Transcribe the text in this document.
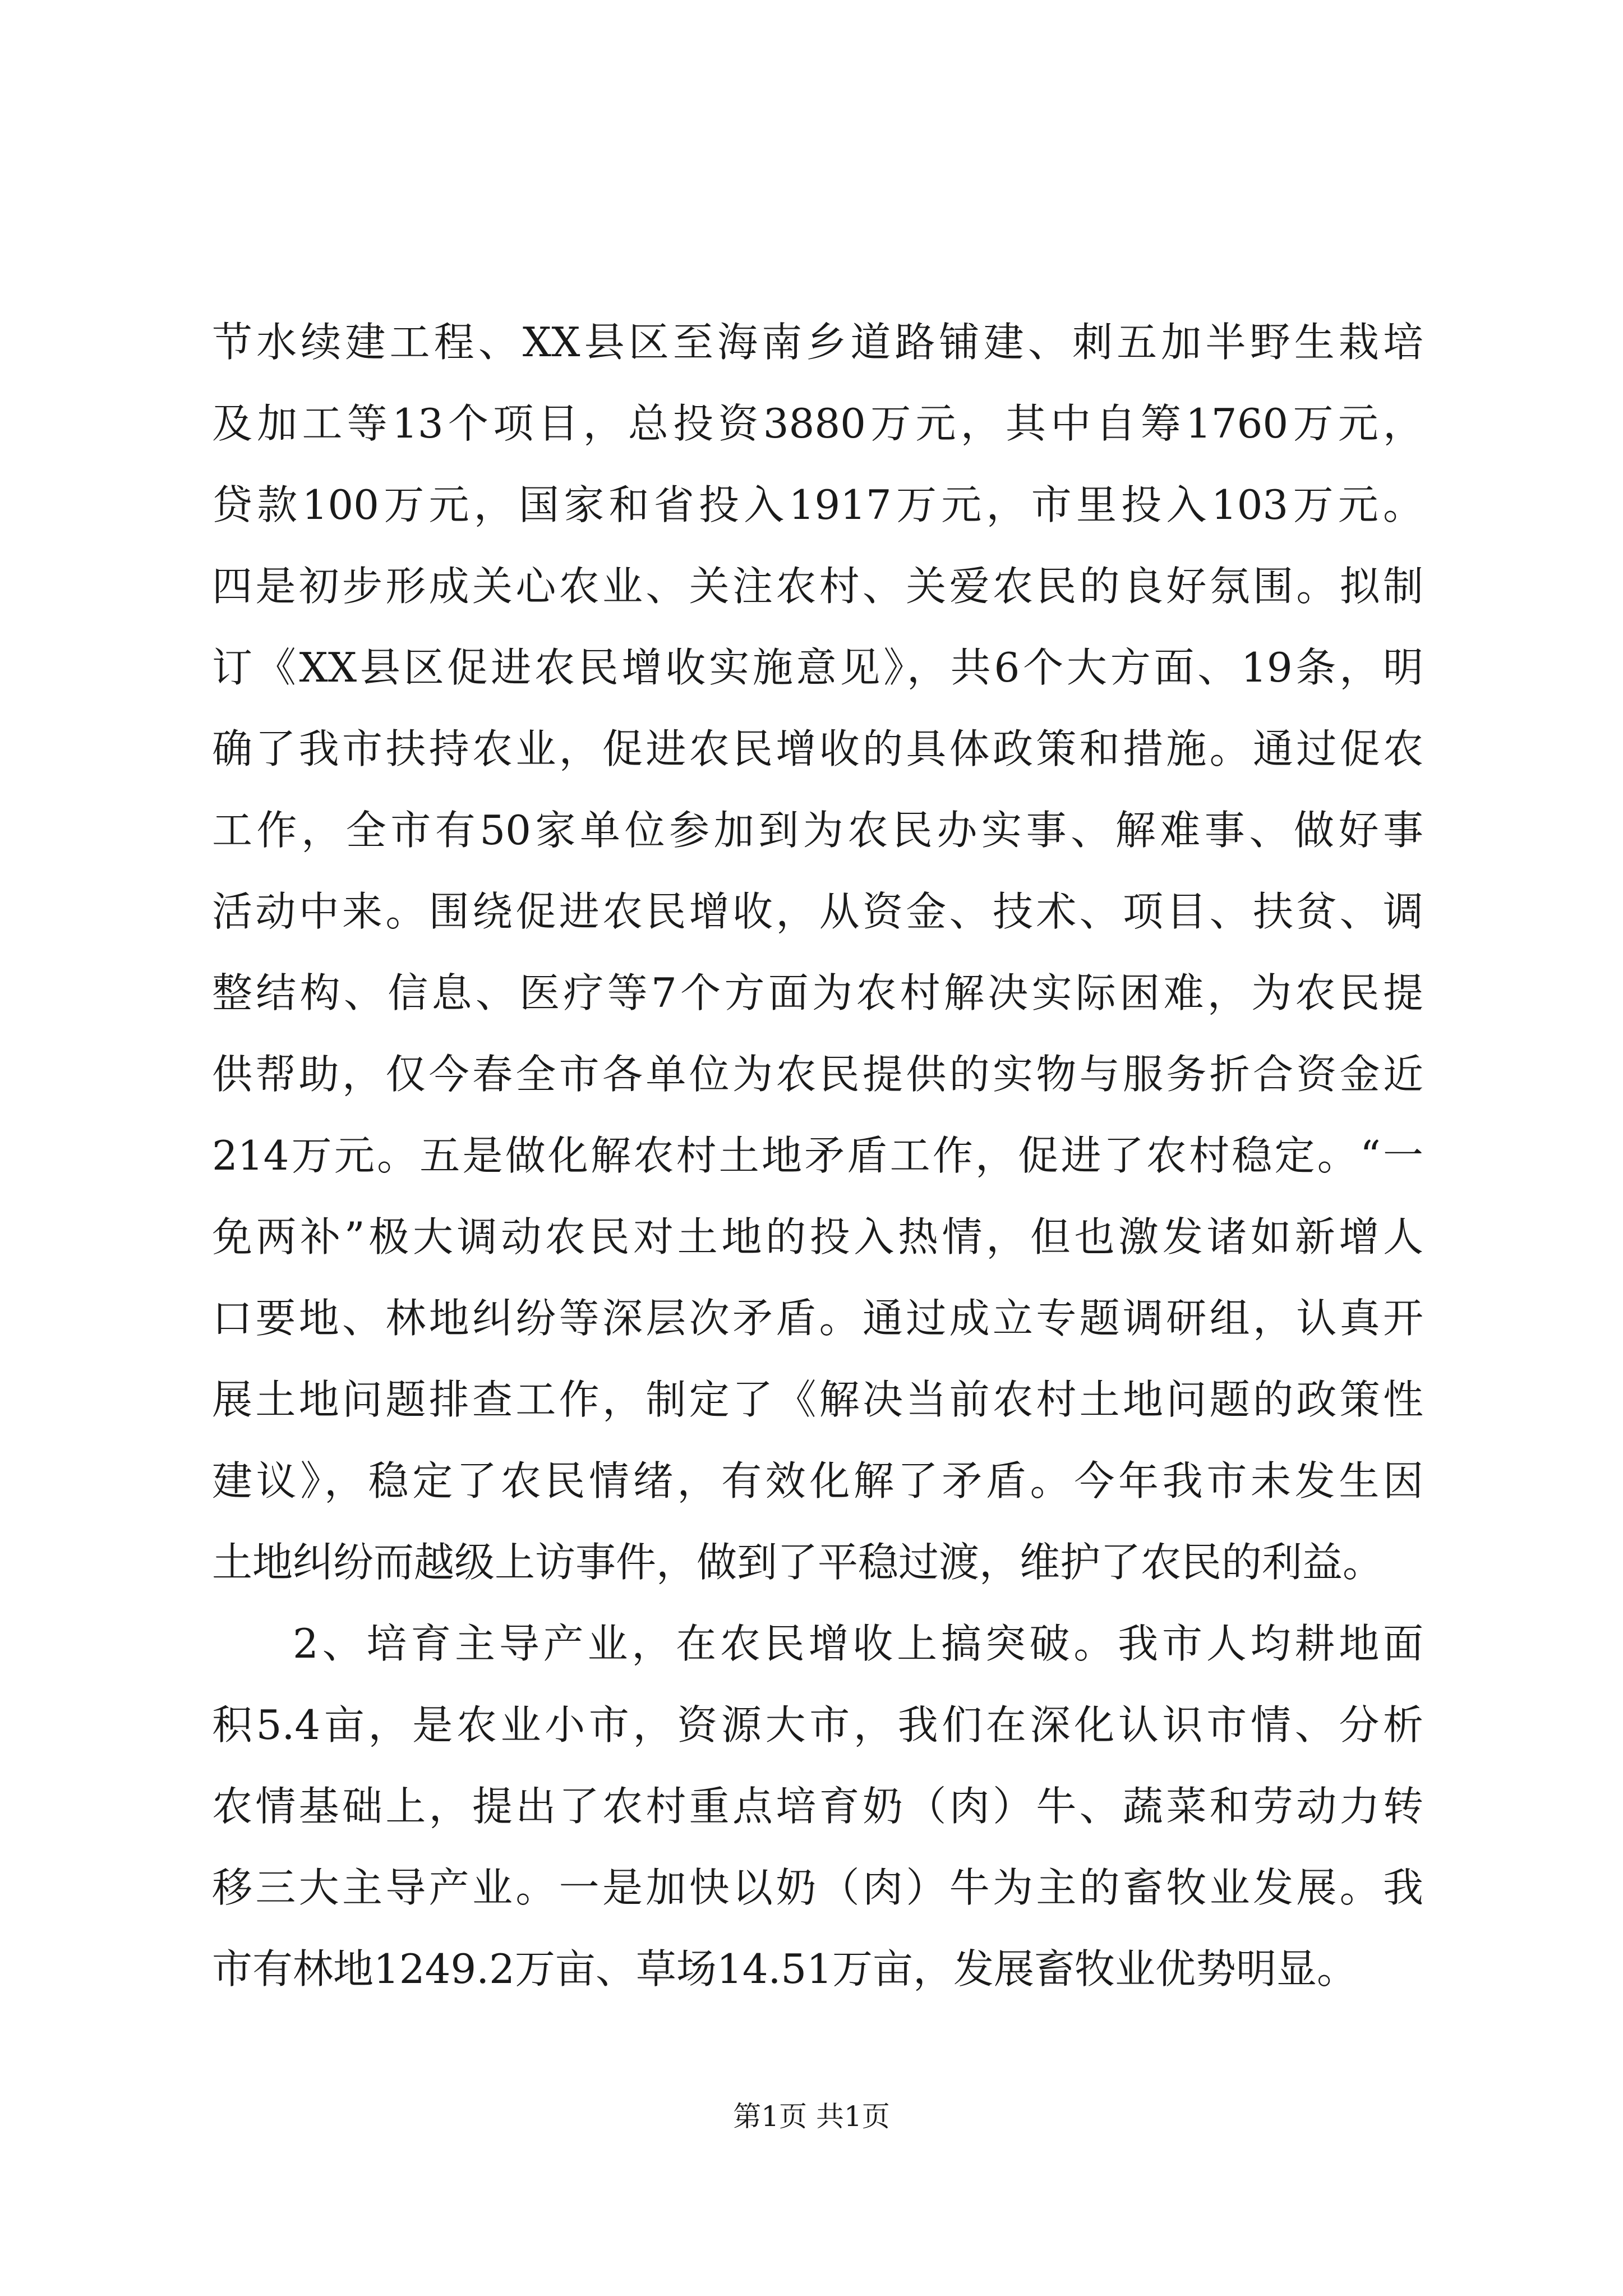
节水续建工程、XX县区至海南乡道路铺建、刺五加半野生栽培
及加工等13个项目，总投资3880万元，其中自筹1760万元，
贷款100万元，国家和省投入1917万元，市里投入103万元。
四是初步形成关心农业、关注农村、关爱农民的良好氛围。拟制
订《XX县区促进农民增收实施意见》，共6个大方面、19条，明
确了我市扶持农业，促进农民增收的具体政策和措施。通过促农
工作，全市有50家单位参加到为农民办实事、解难事、做好事
活动中来。围绕促进农民增收，从资金、技术、项目、扶贫、调
整结构、信息、医疗等7个方面为农村解决实际困难，为农民提
供帮助，仅今春全市各单位为农民提供的实物与服务折合资金近
214万元。五是做化解农村土地矛盾工作，促进了农村稳定。“一
免两补”极大调动农民对土地的投入热情，但也激发诸如新增人
口要地、林地纠纷等深层次矛盾。通过成立专题调研组，认真开
展土地问题排查工作，制定了《解决当前农村土地问题的政策性
建议》，稳定了农民情绪，有效化解了矛盾。今年我市未发生因
土地纠纷而越级上访事件，做到了平稳过渡，维护了农民的利益。
2、培育主导产业，在农民增收上搞突破。我市人均耕地面
积5.4亩，是农业小市，资源大市，我们在深化认识市情、分析
农情基础上，提出了农村重点培育奶（肉）牛、蔬菜和劳动力转
移三大主导产业。一是加快以奶（肉）牛为主的畜牧业发展。我
市有林地1249.2万亩、草场14.51万亩，发展畜牧业优势明显。
第1页 共1页
